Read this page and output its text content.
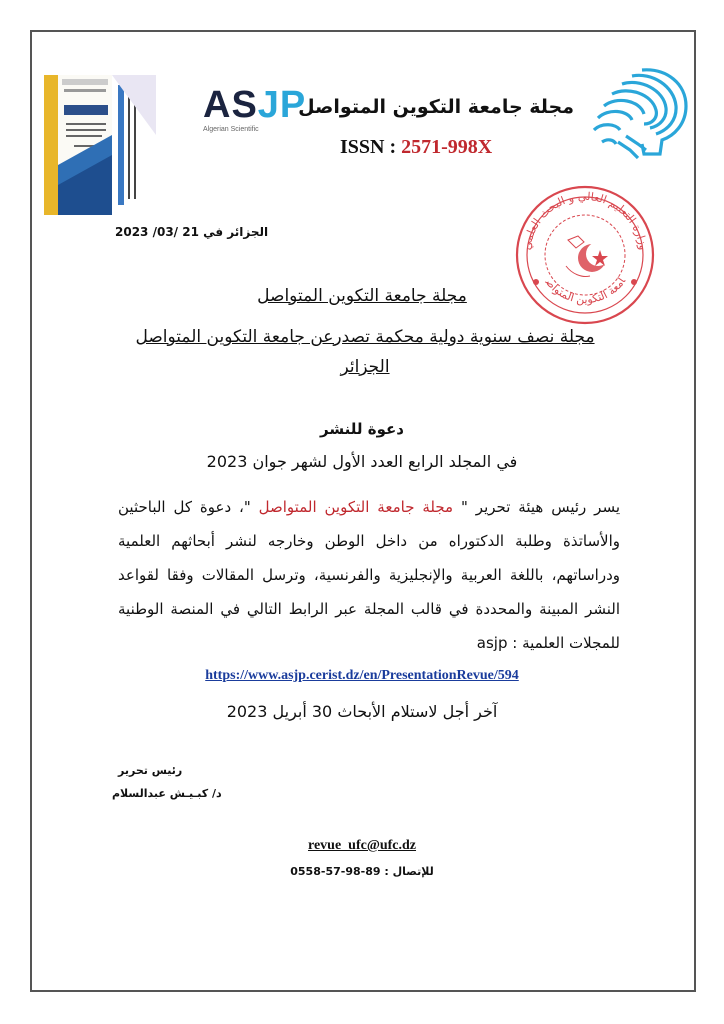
مجلة جامعة التكوين المتواصل
ISSN : 2571-998X
ASJP
Algerian Scientific
وزارة التعليم العالي و البحث العلمي
امعة التكوين المتواص
الجزائر في 21 /03/ 2023
مجلة جامعة التكوين المتواصل
مجلة نصف سنوية دولية محكمة تصدرعن جامعة التكوين المتواصل الجزائر
دعوة للنشر
في المجلد الرابع العدد الأول لشهر جوان 2023
يسر رئيس هيئة تحرير " مجلة جامعة التكوين المتواصل "، دعوة كل الباحثين والأساتذة وطلبة الدكتوراه من داخل الوطن وخارجه لنشر أبحاثهم العلمية ودراساتهم، باللغة العربية والإنجليزية والفرنسية، وترسل المقالات وفقا لقواعد النشر المبينة والمحددة في قالب المجلة عبر الرابط التالي في المنصة الوطنية للمجلات العلمية : asjp
https://www.asjp.cerist.dz/en/PresentationRevue/594
آخر أجل لاستلام الأبحاث 30 أبريل 2023
رئيس تحرير
د/ كبـيـش عبدالسلام
revue_ufc@ufc.dz
للإتصال : 89-98-57-0558
